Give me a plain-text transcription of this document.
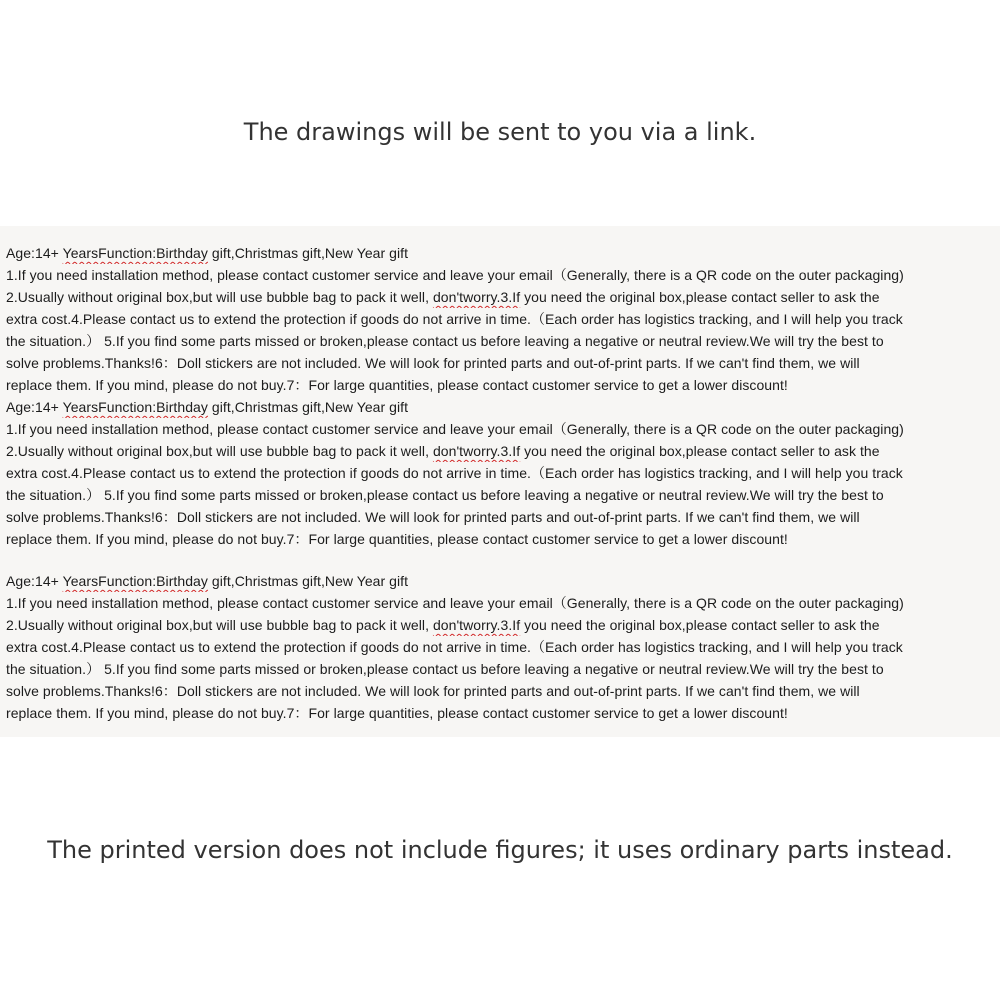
The drawings will be sent to you via a link.
Age:14+ YearsFunction:Birthday gift,Christmas gift,New Year gift
1.If you need installation method, please contact customer service and leave your email（Generally, there is a QR code on the outer packaging)
2.Usually without original box,but will use bubble bag to pack it well, don'tworry.3.If you need the original box,please contact seller to ask the
extra cost.4.Please contact us to extend the protection if goods do not arrive in time.（Each order has logistics tracking, and I will help you track
the situation.） 5.If you find some parts missed or broken,please contact us before leaving a negative or neutral review.We will try the best to
solve problems.Thanks!6：Doll stickers are not included. We will look for printed parts and out-of-print parts. If we can't find them, we will
replace them. If you mind, please do not buy.7：For large quantities, please contact customer service to get a lower discount!
Age:14+ YearsFunction:Birthday gift,Christmas gift,New Year gift
1.If you need installation method, please contact customer service and leave your email（Generally, there is a QR code on the outer packaging)
2.Usually without original box,but will use bubble bag to pack it well, don'tworry.3.If you need the original box,please contact seller to ask the
extra cost.4.Please contact us to extend the protection if goods do not arrive in time.（Each order has logistics tracking, and I will help you track
the situation.） 5.If you find some parts missed or broken,please contact us before leaving a negative or neutral review.We will try the best to
solve problems.Thanks!6：Doll stickers are not included. We will look for printed parts and out-of-print parts. If we can't find them, we will
replace them. If you mind, please do not buy.7：For large quantities, please contact customer service to get a lower discount!
Age:14+ YearsFunction:Birthday gift,Christmas gift,New Year gift
1.If you need installation method, please contact customer service and leave your email（Generally, there is a QR code on the outer packaging)
2.Usually without original box,but will use bubble bag to pack it well, don'tworry.3.If you need the original box,please contact seller to ask the
extra cost.4.Please contact us to extend the protection if goods do not arrive in time.（Each order has logistics tracking, and I will help you track
the situation.） 5.If you find some parts missed or broken,please contact us before leaving a negative or neutral review.We will try the best to
solve problems.Thanks!6：Doll stickers are not included. We will look for printed parts and out-of-print parts. If we can't find them, we will
replace them. If you mind, please do not buy.7：For large quantities, please contact customer service to get a lower discount!
The printed version does not include figures; it uses ordinary parts instead.
